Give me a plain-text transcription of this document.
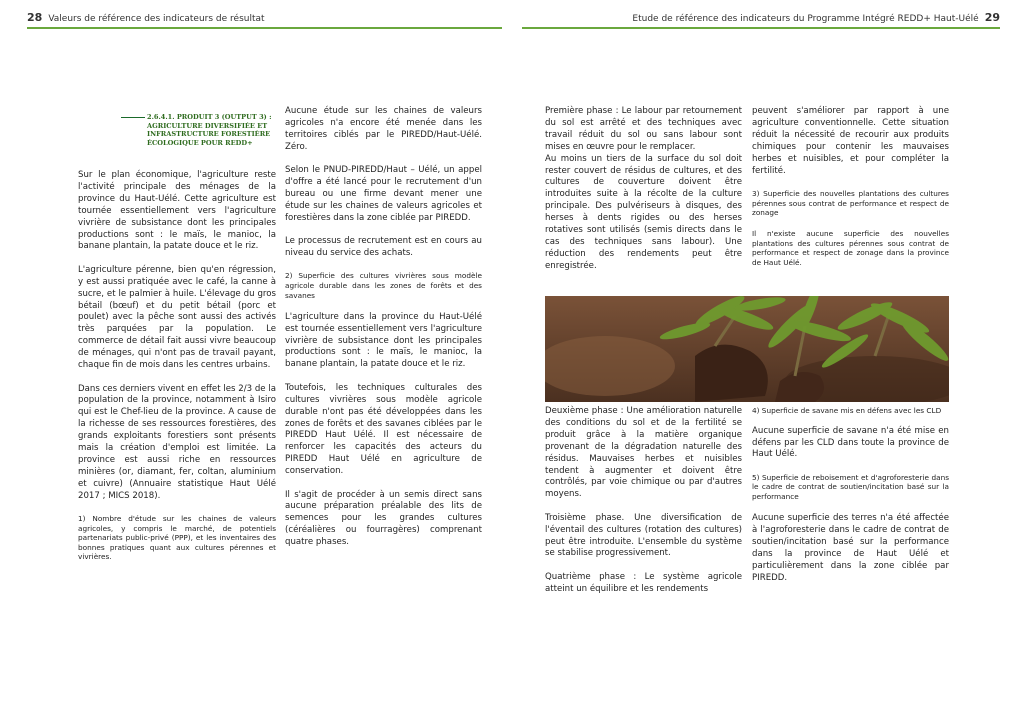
28 Valeurs de référence des indicateurs de résultat	Etude de référence des indicateurs du Programme Intégré REDD+ Haut-Uélé 29
2.6.4.1. PRODUIT 3 (OUTPUT 3) : AGRICULTURE DIVERSIFIÉE ET INFRASTRUCTURE FORESTIÈRE ÉCOLOGIQUE POUR REDD+

Sur le plan économique, l'agriculture reste l'activité principale des ménages de la province du Haut-Uélé. Cette agriculture est tournée essentiellement vers l'agriculture vivrière de subsistance dont les principales productions sont : le maïs, le manioc, la banane plantain, la patate douce et le riz.

L'agriculture pérenne, bien qu'en régression, y est aussi pratiquée avec le café, la canne à sucre, et le palmier à huile. L'élevage du gros bétail (bœuf) et du petit bétail (porc et poulet) avec la pêche sont aussi des activés très parquées par la population. Le commerce de détail fait aussi vivre beaucoup de ménages, qui n'ont pas de travail payant, chaque fin de mois dans les centres urbains.

Dans ces derniers vivent en effet les 2/3 de la population de la province, notamment à Isiro qui est le Chef-lieu de la province. A cause de la richesse de ses ressources forestières, des grands exploitants forestiers sont présents mais la création d'emploi est limitée. La province est aussi riche en ressources minières (or, diamant, fer, coltan, aluminium et cuivre) (Annuaire statistique Haut Uélé 2017 ; MICS 2018).

1) Nombre d'étude sur les chaines de valeurs agricoles, y compris le marché, de potentiels partenariats public-privé (PPP), et les inventaires des bonnes pratiques quant aux cultures pérennes et vivrières.

Aucune étude sur les chaines de valeurs agricoles n'a encore été menée dans les territoires ciblés par le PIREDD/Haut-Uélé. Zéro.

Selon le PNUD-PIREDD/Haut – Uélé, un appel d'offre a été lancé pour le recrutement d'un bureau ou une firme devant mener une étude sur les chaines de valeurs agricoles et forestières dans la zone ciblée par PIREDD.

Le processus de recrutement est en cours au niveau du service des achats.

2) Superficie des cultures vivrières sous modèle agricole durable dans les zones de forêts et des savanes

L'agriculture dans la province du Haut-Uélé est tournée essentiellement vers l'agriculture vivrière de subsistance dont les principales productions sont : le maïs, le manioc, la banane plantain, la patate douce et le riz.

Toutefois, les techniques culturales des cultures vivrières sous modèle agricole durable n'ont pas été développées dans les zones de forêts et des savanes ciblées par le PIREDD Haut Uélé. Il est nécessaire de renforcer les capacités des acteurs du PIREDD Haut Uélé en agriculture de conservation.

Il s'agit de procéder à un semis direct sans aucune préparation préalable des lits de semences pour les grandes cultures (céréalières ou fourragères) comprenant quatre phases.

Première phase : Le labour par retournement du sol est arrêté et des techniques avec travail réduit du sol ou sans labour sont mises en œuvre pour le remplacer.

Au moins un tiers de la surface du sol doit rester couvert de résidus de cultures, et des cultures de couverture doivent être introduites suite à la récolte de la culture principale. Des pulvériseurs à disques, des herses à dents rigides ou des herses rotatives sont utilisés (semis directs dans le cas des techniques sans labour). Une réduction des rendements peut être enregistrée.

Deuxième phase : Une amélioration naturelle des conditions du sol et de la fertilité se produit grâce à la matière organique provenant de la dégradation naturelle des résidus. Mauvaises herbes et nuisibles tendent à augmenter et doivent être contrôlés, par voie chimique ou par d'autres moyens.

Troisième phase. Une diversification de l'éventail des cultures (rotation des cultures) peut être introduite. L'ensemble du système se stabilise progressivement.

Quatrième phase : Le système agricole atteint un équilibre et les rendements

peuvent s'améliorer par rapport à une agriculture conventionnelle. Cette situation réduit la nécessité de recourir aux produits chimiques pour contenir les mauvaises herbes et nuisibles, et pour compléter la fertilité.

3) Superficie des nouvelles plantations des cultures pérennes sous contrat de performance et respect de zonage

Il n'existe aucune superficie des nouvelles plantations des cultures pérennes sous contrat de performance et respect de zonage dans la province de Haut Uélé.

4) Superficie de savane mis en défens avec les CLD

Aucune superficie de savane n'a été mise en défens par les CLD dans toute la province de Haut Uélé.

5) Superficie de reboisement et d'agroforesterie dans le cadre de contrat de soutien/incitation basé sur la performance

Aucune superficie des terres n'a été affectée à l'agroforesterie dans le cadre de contrat de soutien/incitation basé sur la performance dans la province de Haut Uélé et particulièrement dans la zone ciblée par PIREDD.
